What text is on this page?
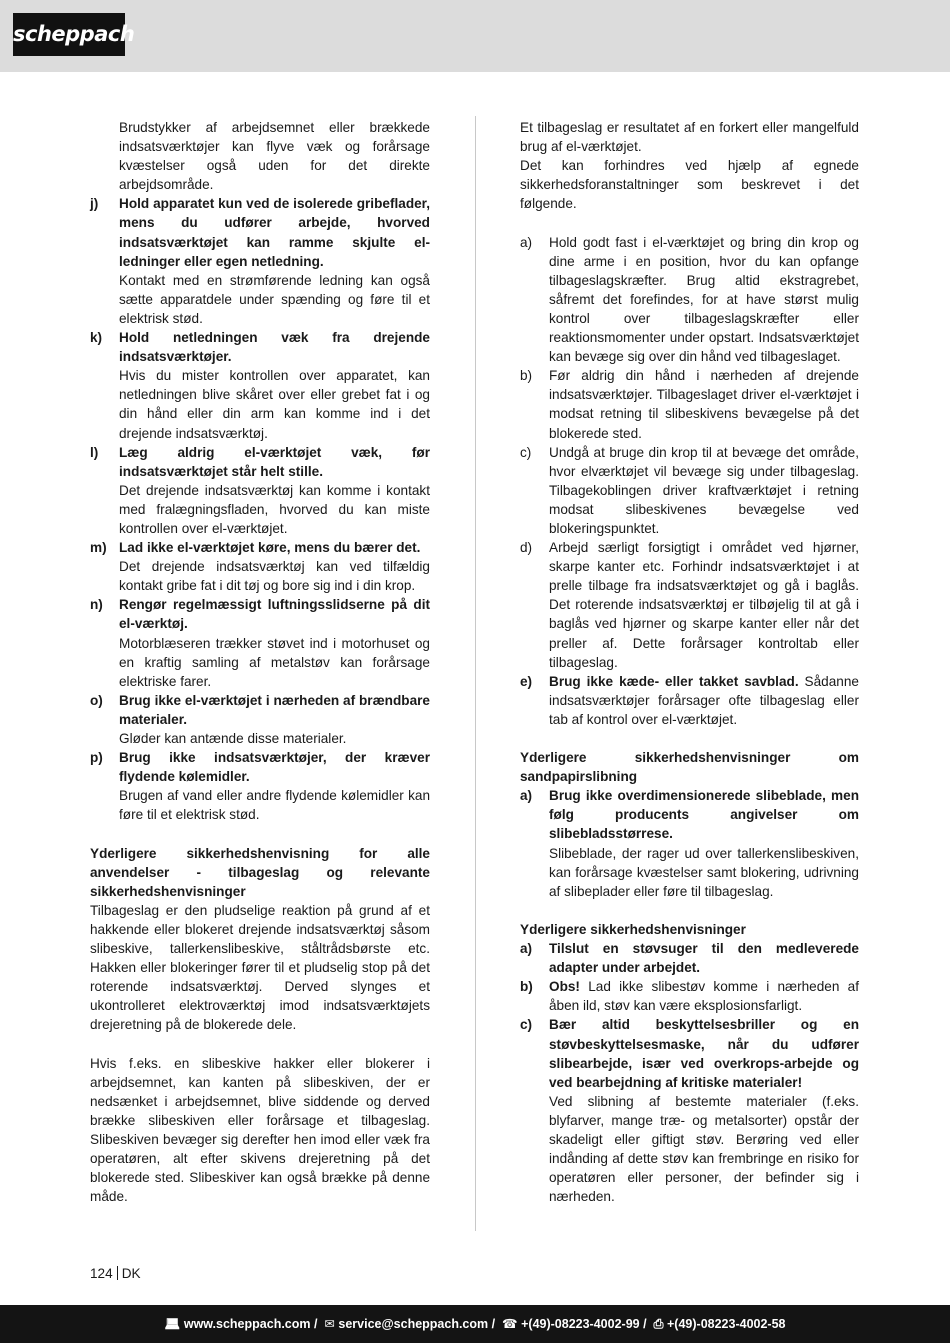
scheppach
Brudstykker af arbejdsemnet eller brækkede indsatsværktøjer kan flyve væk og forårsage kvæstelser også uden for det direkte arbejdsområde.
j) Hold apparatet kun ved de isolerede gribeflader, mens du udfører arbejde, hvorved indsatsværktøjet kan ramme skjulte el-ledninger eller egen netledning.
Kontakt med en strømførende ledning kan også sætte apparatdele under spænding og føre til et elektrisk stød.
k) Hold netledningen væk fra drejende indsatsværktøjer.
Hvis du mister kontrollen over apparatet, kan netledningen blive skåret over eller grebet fat i og din hånd eller din arm kan komme ind i det drejende indsatsværktøj.
l) Læg aldrig el-værktøjet væk, før indsatsværktøjet står helt stille.
Det drejende indsatsværktøj kan komme i kontakt med fralægningsfladen, hvorved du kan miste kontrollen over el-værktøjet.
m) Lad ikke el-værktøjet køre, mens du bærer det.
Det drejende indsatsværktøj kan ved tilfældig kontakt gribe fat i dit tøj og bore sig ind i din krop.
n) Rengør regelmæssigt luftningsslidserne på dit el-værktøj.
Motorblæseren trækker støvet ind i motorhuset og en kraftig samling af metalstøv kan forårsage elektriske farer.
o) Brug ikke el-værktøjet i nærheden af brændbare materialer.
Gløder kan antænde disse materialer.
p) Brug ikke indsatsværktøjer, der kræver flydende kølemidler.
Brugen af vand eller andre flydende kølemidler kan føre til et elektrisk stød.
Yderligere sikkerhedshenvisning for alle anvendelser - tilbageslag og relevante sikkerhedshenvisninger
Tilbageslag er den pludselige reaktion på grund af et hakkende eller blokeret drejende indsatsværktøj såsom slibeskive, tallerkenslibeskive, ståltrådsbørste etc. Hakken eller blokeringer fører til et pludselig stop på det roterende indsatsværktøj. Derved slynges et ukontrolleret elektroværktøj imod indsatsværktøjets drejeretning på de blokerede dele.
Hvis f.eks. en slibeskive hakker eller blokerer i arbejdsemnet, kan kanten på slibeskiven, der er nedsænket i arbejdsemnet, blive siddende og derved brække slibeskiven eller forårsage et tilbageslag. Slibeskiven bevæger sig derefter hen imod eller væk fra operatøren, alt efter skivens drejeretning på det blokerede sted. Slibeskiver kan også brække på denne måde.
Et tilbageslag er resultatet af en forkert eller mangelfuld brug af el-værktøjet.
Det kan forhindres ved hjælp af egnede sikkerhedsforanstaltninger som beskrevet i det følgende.
a) Hold godt fast i el-værktøjet og bring din krop og dine arme i en position, hvor du kan opfange tilbageslagskræfter. Brug altid ekstragrebet, såfremt det forefindes, for at have størst mulig kontrol over tilbageslagskræfter eller reaktionsmomenter under opstart. Indsatsværktøjet kan bevæge sig over din hånd ved tilbageslaget.
b) Før aldrig din hånd i nærheden af drejende indsatsværktøjer. Tilbageslaget driver el-værktøjet i modsat retning til slibeskivens bevægelse på det blokerede sted.
c) Undgå at bruge din krop til at bevæge det område, hvor elværktøjet vil bevæge sig under tilbageslag. Tilbagekoblingen driver kraftværktøjet i retning modsat slibeskivenes bevægelse ved blokeringspunktet.
d) Arbejd særligt forsigtigt i området ved hjørner, skarpe kanter etc. Forhindr indsatsværktøjet i at prelle tilbage fra indsatsværktøjet og gå i baglås. Det roterende indsatsværktøj er tilbøjelig til at gå i baglås ved hjørner og skarpe kanter eller når det preller af. Dette forårsager kontroltab eller tilbageslag.
e) Brug ikke kæde- eller takket savblad. Sådanne indsatsværktøjer forårsager ofte tilbageslag eller tab af kontrol over el-værktøjet.
Yderligere sikkerhedshenvisninger om sandpapirslibning
a) Brug ikke overdimensionerede slibeblade, men følg producents angivelser om slibebladsstørrese.
Slibeblade, der rager ud over tallerkenslibeskiven, kan forårsage kvæstelser samt blokering, udrivning af slibeplader eller føre til tilbageslag.
Yderligere sikkerhedshenvisninger
a) Tilslut en støvsuger til den medleverede adapter under arbejdet.
b) Obs! Lad ikke slibestøv komme i nærheden af åben ild, støv kan være eksplosionsfarligt.
c) Bær altid beskyttelsesbriller og en støvbeskyttelsesmaske, når du udfører slibearbejde, især ved overkrops-arbejde og ved bearbejdning af kritiske materialer!
Ved slibning af bestemte materialer (f.eks. blyfarver, mange træ- og metalsorter) opstår der skadeligt eller giftigt støv. Berøring ved eller indånding af dette støv kan frembringe en risiko for operatøren eller personer, der befinder sig i nærheden.
124 DK
💻︎ www.scheppach.com / ✉︎ service@scheppach.com / ☎︎ +(49)-08223-4002-99 / ⎙ +(49)-08223-4002-58
